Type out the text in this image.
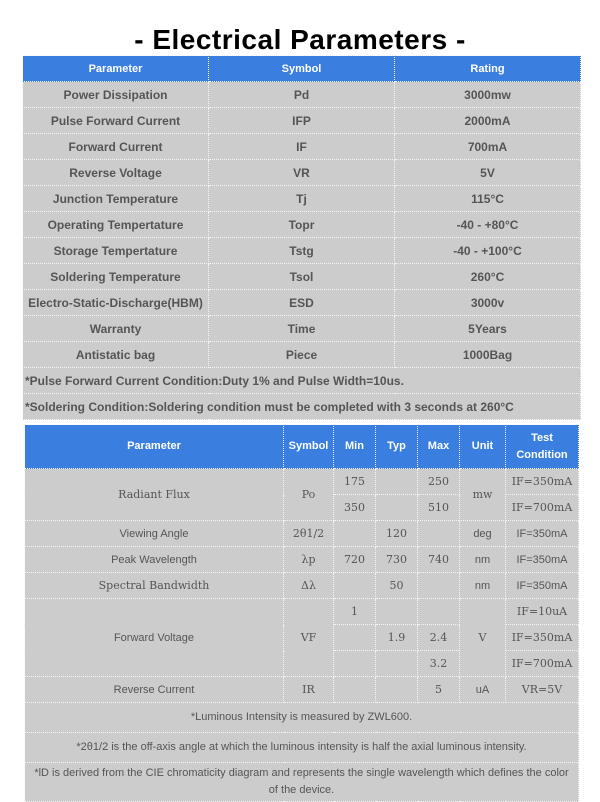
- Electrical Parameters -
Parameter	Symbol	Rating
Power Dissipation	Pd	3000mw
Pulse Forward Current	IFP	2000mA
Forward Current	IF	700mA
Reverse Voltage	VR	5V
Junction Temperature	Tj	115°C
Operating Tempertature	Topr	-40 - +80°C
Storage Tempertature	Tstg	-40 - +100°C
Soldering Temperature	Tsol	260°C
Electro-Static-Discharge(HBM)	ESD	3000v
Warranty	Time	5Years
Antistatic bag	Piece	1000Bag
*Pulse Forward Current Condition:Duty 1% and Pulse Width=10us.		
*Soldering Condition:Soldering condition must be completed with 3 seconds at 260°C		
Parameter	Symbol	Min	Typ	Max	Unit	Test
Condition
Radiant Flux	Po	175		250	mw	IF=350mA
		350		510		IF=700mA
Viewing Angle	2θ1/2		120		deg	IF=350mA
Peak Wavelength	λp	720	730	740	nm	IF=350mA
Spectral Bandwidth	Δλ		50		nm	IF=350mA
Forward Voltage	VF	1			V	IF=10uA
			1.9	2.4		IF=350mA
				3.2		IF=700mA
Reverse Current	IR			5	uA	VR=5V
*Luminous Intensity is measured by ZWL600.						
*2θ1/2 is the off-axis angle at which the luminous intensity is half the axial luminous intensity.						
*lD is derived from the CIE chromaticity diagram and represents the single wavelength which defines the color of the device.						
